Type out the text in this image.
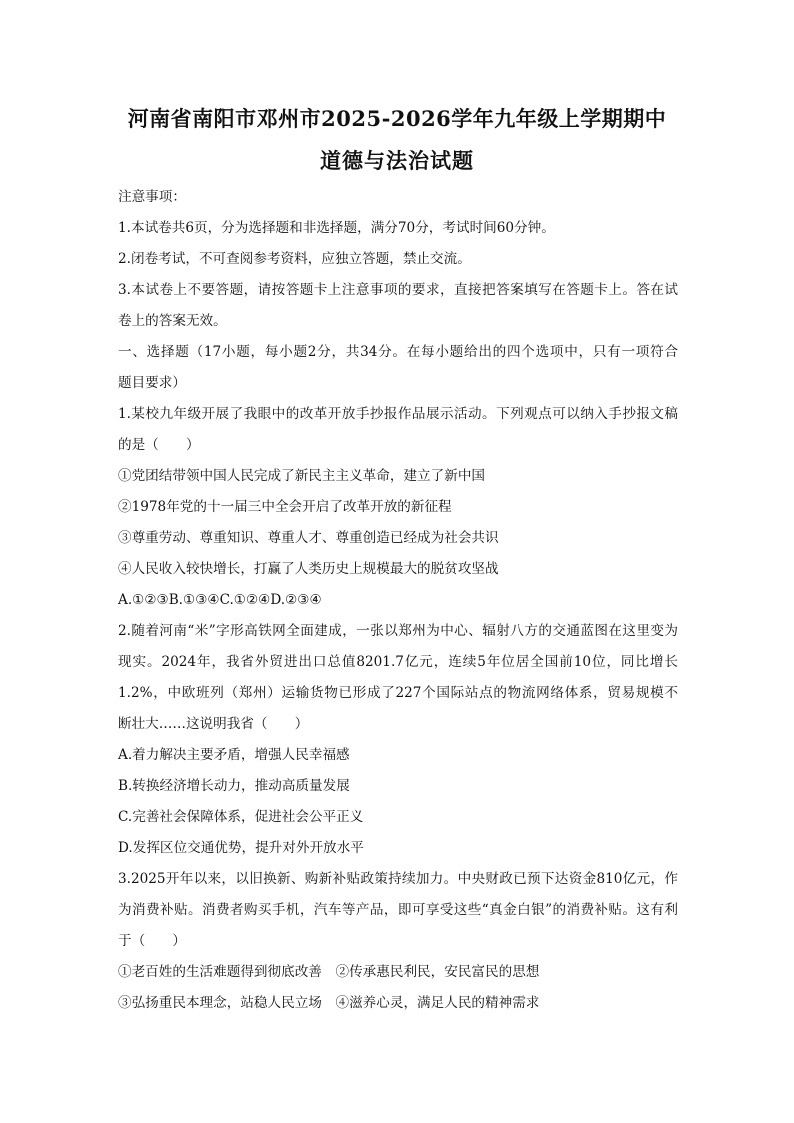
河南省南阳市邓州市2025-2026学年九年级上学期期中
道德与法治试题
注意事项：
1.本试卷共6页，分为选择题和非选择题，满分70分，考试时间60分钟。
2.闭卷考试，不可查阅参考资料，应独立答题，禁止交流。
3.本试卷上不要答题，请按答题卡上注意事项的要求，直接把答案填写在答题卡上。答在试
卷上的答案无效。
一、选择题（17小题，每小题2分，共34分。在每小题给出的四个选项中，只有一项符合
题目要求）
1.某校九年级开展了我眼中的改革开放手抄报作品展示活动。下列观点可以纳入手抄报文稿
的是（　　）
①党团结带领中国人民完成了新民主主义革命，建立了新中国
②1978年党的十一届三中全会开启了改革开放的新征程
③尊重劳动、尊重知识、尊重人才、尊重创造已经成为社会共识
④人民收入较快增长，打赢了人类历史上规模最大的脱贫攻坚战
A.①②③B.①③④C.①②④D.②③④
2.随着河南“米”字形高铁网全面建成，一张以郑州为中心、辐射八方的交通蓝图在这里变为
现实。2024年，我省外贸进出口总值8201.7亿元，连续5年位居全国前10位，同比增长
1.2%，中欧班列（郑州）运输货物已形成了227个国际站点的物流网络体系，贸易规模不
断壮大……这说明我省（　　）
A.着力解决主要矛盾，增强人民幸福感
B.转换经济增长动力，推动高质量发展
C.完善社会保障体系，促进社会公平正义
D.发挥区位交通优势，提升对外开放水平
3.2025开年以来，以旧换新、购新补贴政策持续加力。中央财政已预下达资金810亿元，作
为消费补贴。消费者购买手机，汽车等产品，即可享受这些“真金白银”的消费补贴。这有利
于（　　）
①老百姓的生活难题得到彻底改善　②传承惠民利民，安民富民的思想
③弘扬重民本理念，站稳人民立场　④滋养心灵，满足人民的精神需求
